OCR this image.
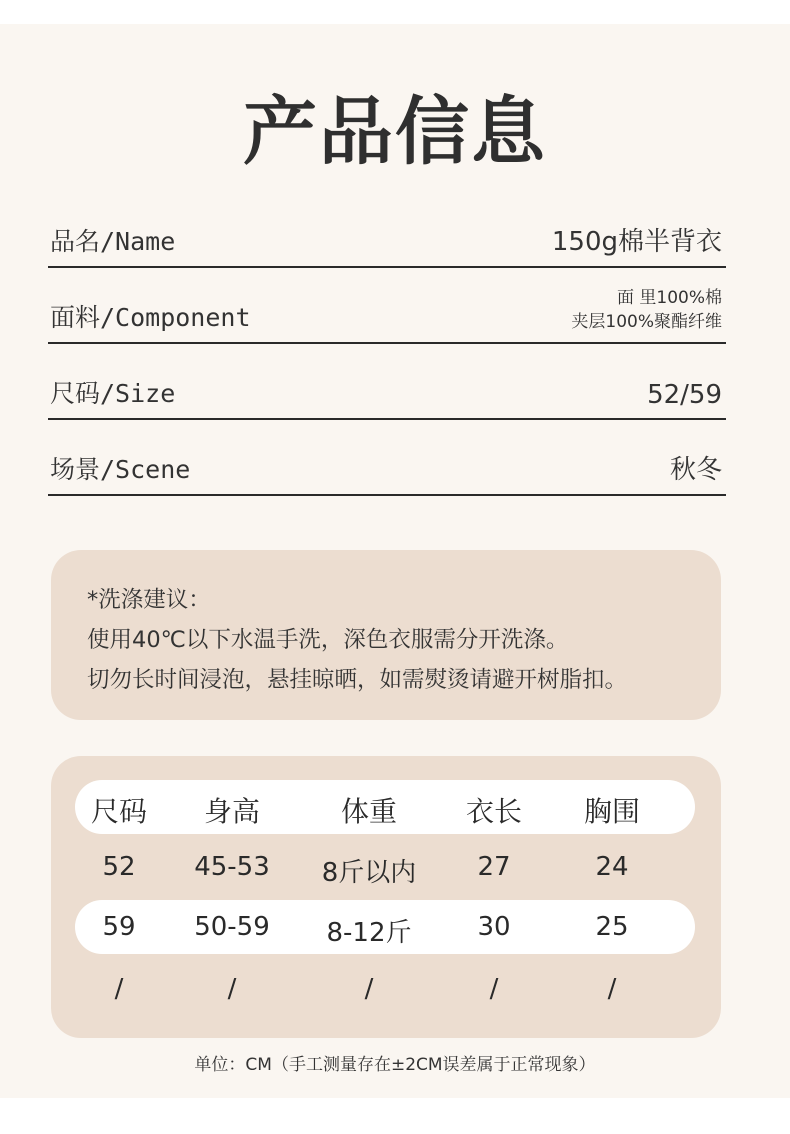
产品信息
品名/Name	150g棉半背衣
面料/Component
面 里100%棉
夹层100%聚酯纤维
尺码/Size	52/59
场景/Scene	秋冬
*洗涤建议：
使用40℃以下水温手洗，深色衣服需分开洗涤。
切勿长时间浸泡，悬挂晾晒，如需熨烫请避开树脂扣。
尺码	身高	体重	衣长	胸围
52	45-53	8斤以内	27	24
59	50-59	8-12斤	30	25
/	/	/	/	/
单位：CM（手工测量存在±2CM误差属于正常现象）
